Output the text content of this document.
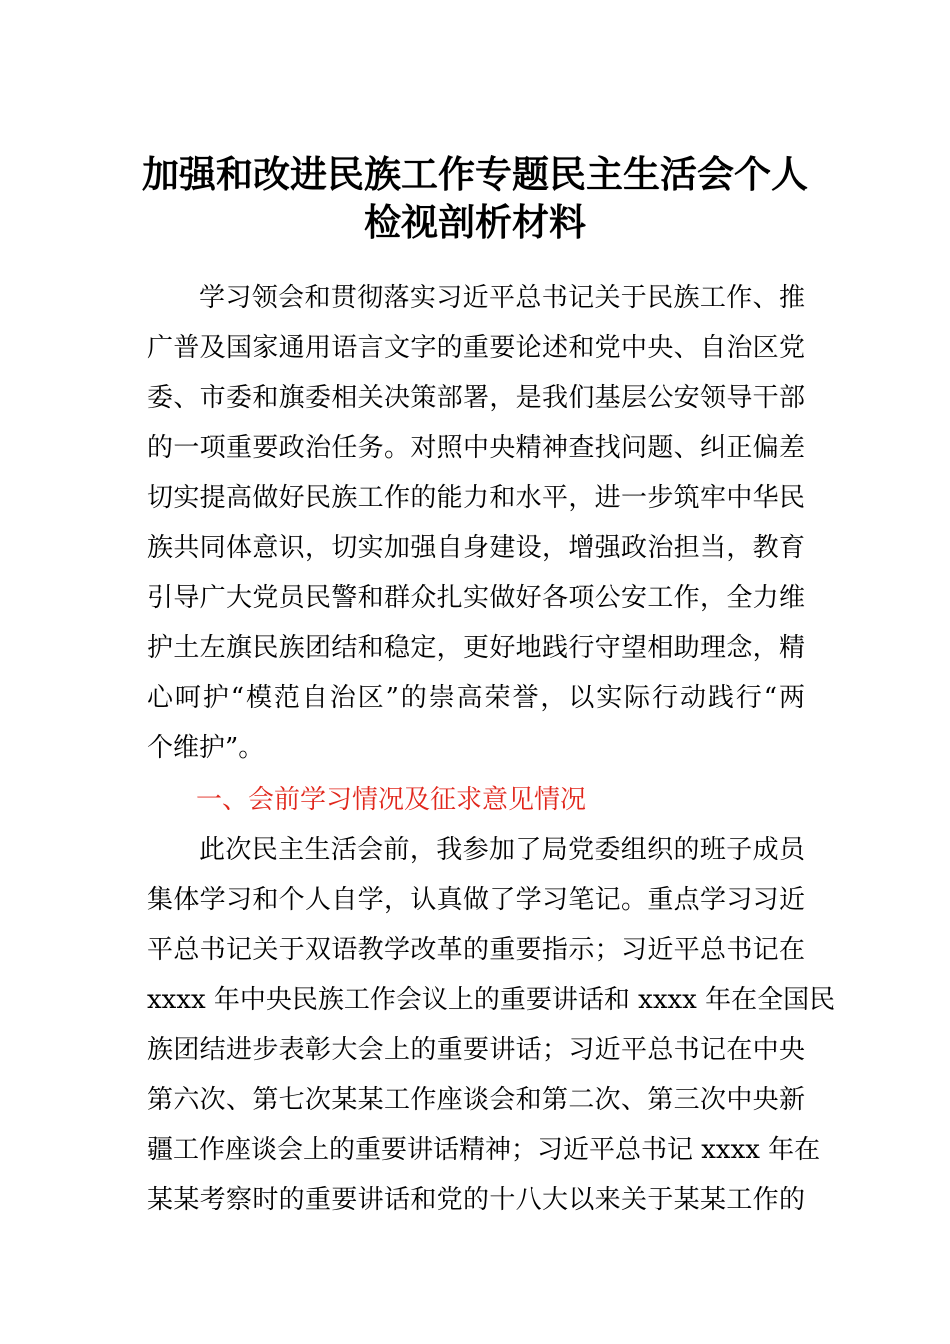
加强和改进民族工作专题民主生活会个人
检视剖析材料
学习领会和贯彻落实习近平总书记关于民族工作、推
广普及国家通用语言文字的重要论述和党中央、自治区党
委、市委和旗委相关决策部署，是我们基层公安领导干部
的一项重要政治任务。对照中央精神查找问题、纠正偏差
切实提高做好民族工作的能力和水平，进一步筑牢中华民
族共同体意识，切实加强自身建设，增强政治担当，教育
引导广大党员民警和群众扎实做好各项公安工作，全力维
护土左旗民族团结和稳定，更好地践行守望相助理念，精
心呵护“模范自治区”的崇高荣誉，以实际行动践行“两
个维护”。
一、会前学习情况及征求意见情况
此次民主生活会前，我参加了局党委组织的班子成员
集体学习和个人自学，认真做了学习笔记。重点学习习近
平总书记关于双语教学改革的重要指示；习近平总书记在
xxxx 年中央民族工作会议上的重要讲话和 xxxx 年在全国民
族团结进步表彰大会上的重要讲话；习近平总书记在中央
第六次、第七次某某工作座谈会和第二次、第三次中央新
疆工作座谈会上的重要讲话精神；习近平总书记 xxxx 年在
某某考察时的重要讲话和党的十八大以来关于某某工作的
